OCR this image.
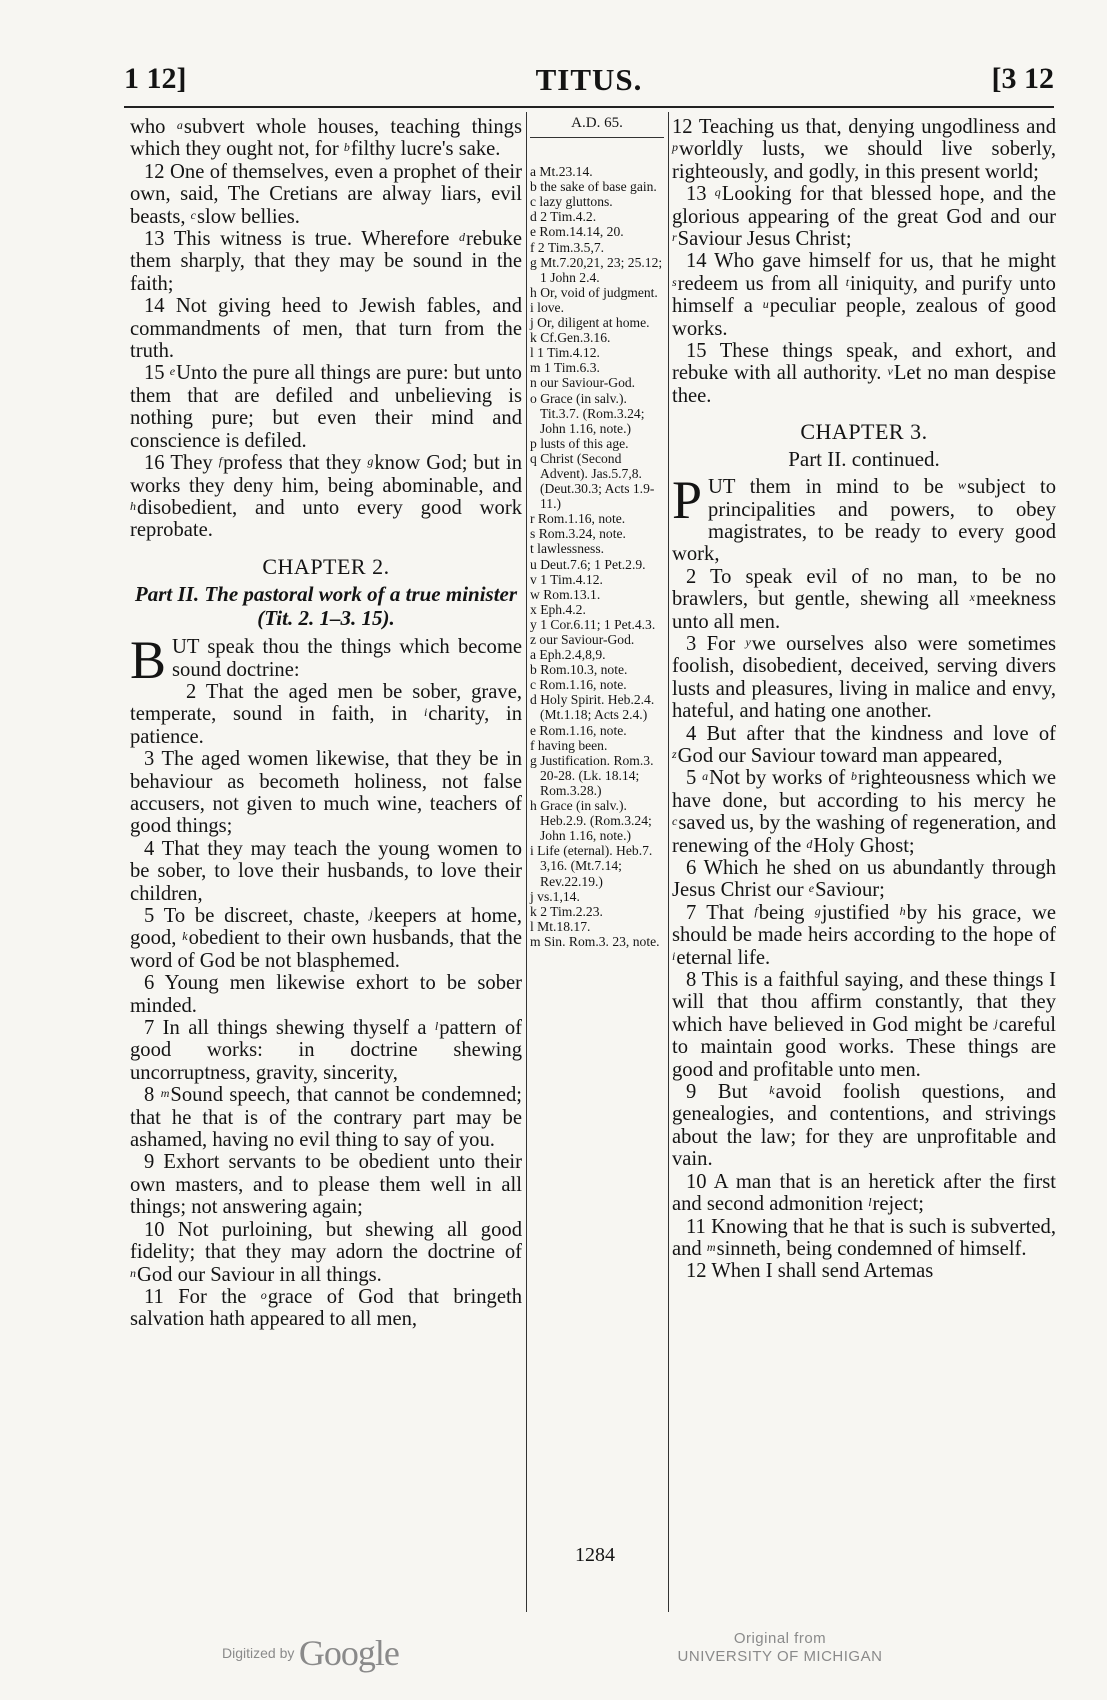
1 12]	TITUS.	[3 12

who $^a$subvert whole houses, teaching things which they ought not, for $^b$filthy lucre's sake.

12 One of themselves, even a prophet of their own, said, The Cretians are alway liars, evil beasts, $^c$slow bellies.

13 This witness is true. Wherefore $^d$rebuke them sharply, that they may be sound in the faith;

14 Not giving heed to Jewish fables, and commandments of men, that turn from the truth.

15 $^e$Unto the pure all things are pure: but unto them that are defiled and unbelieving is nothing pure; but even their mind and conscience is defiled.

16 They $^f$profess that they $^g$know God; but in works they deny him, being abominable, and $^h$disobedient, and unto every good work reprobate.

CHAPTER 2.
Part II. The pastoral work of a true minister (Tit. 2. 1–3. 15).

BUT speak thou the things which become sound doctrine:

2 That the aged men be sober, grave, temperate, sound in faith, in $^i$charity, in patience.

3 The aged women likewise, that they be in behaviour as becometh holiness, not false accusers, not given to much wine, teachers of good things;

4 That they may teach the young women to be sober, to love their husbands, to love their children,

5 To be discreet, chaste, $^j$keepers at home, good, $^k$obedient to their own husbands, that the word of God be not blasphemed.

6 Young men likewise exhort to be sober minded.

7 In all things shewing thyself a $^l$pattern of good works: in doctrine shewing uncorruptness, gravity, sincerity,

8 $^m$Sound speech, that cannot be condemned; that he that is of the contrary part may be ashamed, having no evil thing to say of you.

9 Exhort servants to be obedient unto their own masters, and to please them well in all things; not answering again;

10 Not purloining, but shewing all good fidelity; that they may adorn the doctrine of $^n$God our Saviour in all things.

11 For the $^o$grace of God that bringeth salvation hath appeared to all men,

A.D. 65.
a Mt.23.14.
b the sake of base gain.
c lazy gluttons.
d 2 Tim.4.2.
e Rom.14.14, 20.
f 2 Tim.3.5,7.
g Mt.7.20,21, 23; 25.12; 1 John 2.4.
h Or, void of judgment.
i love.
j Or, diligent at home.
k Cf.Gen.3.16.
l 1 Tim.4.12.
m 1 Tim.6.3.
n our Saviour-God.
o Grace (in salv.). Tit.3.7. (Rom.3.24; John 1.16, note.)
p lusts of this age.
q Christ (Second Advent). Jas.5.7,8. (Deut.30.3; Acts 1.9-11.)
r Rom.1.16, note.
s Rom.3.24, note.
t lawlessness.
u Deut.7.6; 1 Pet.2.9.
v 1 Tim.4.12.
w Rom.13.1.
x Eph.4.2.
y 1 Cor.6.11; 1 Pet.4.3.
z our Saviour-God.
a Eph.2.4,8,9.
b Rom.10.3, note.
c Rom.1.16, note.
d Holy Spirit. Heb.2.4. (Mt.1.18; Acts 2.4.)
e Rom.1.16, note.
f having been.
g Justification. Rom.3. 20-28. (Lk. 18.14; Rom.3.28.)
h Grace (in salv.). Heb.2.9. (Rom.3.24; John 1.16, note.)
i Life (eternal). Heb.7. 3,16. (Mt.7.14; Rev.22.19.)
j vs.1,14.
k 2 Tim.2.23.
l Mt.18.17.
m Sin. Rom.3. 23, note.

12 Teaching us that, denying ungodliness and $^p$worldly lusts, we should live soberly, righteously, and godly, in this present world;

13 $^q$Looking for that blessed hope, and the glorious appearing of the great God and our $^r$Saviour Jesus Christ;

14 Who gave himself for us, that he might $^s$redeem us from all $^t$iniquity, and purify unto himself a $^u$peculiar people, zealous of good works.

15 These things speak, and exhort, and rebuke with all authority. $^v$Let no man despise thee.

CHAPTER 3.
Part II. continued.

PUT them in mind to be $^w$subject to principalities and powers, to obey magistrates, to be ready to every good work,

2 To speak evil of no man, to be no brawlers, but gentle, shewing all $^x$meekness unto all men.

3 For $^y$we ourselves also were sometimes foolish, disobedient, deceived, serving divers lusts and pleasures, living in malice and envy, hateful, and hating one another.

4 But after that the kindness and love of $^z$God our Saviour toward man appeared,

5 $^a$Not by works of $^b$righteousness which we have done, but according to his mercy he $^c$saved us, by the washing of regeneration, and renewing of the $^d$Holy Ghost;

6 Which he shed on us abundantly through Jesus Christ our $^e$Saviour;

7 That $^f$being $^g$justified $^h$by his grace, we should be made heirs according to the hope of $^i$eternal life.

8 This is a faithful saying, and these things I will that thou affirm constantly, that they which have believed in God might be $^j$careful to maintain good works. These things are good and profitable unto men.

9 But $^k$avoid foolish questions, and genealogies, and contentions, and strivings about the law; for they are unprofitable and vain.

10 A man that is an heretick after the first and second admonition $^l$reject;

11 Knowing that he that is such is subverted, and $^m$sinneth, being condemned of himself.

12 When I shall send Artemas

1284
Digitized by Google	Original from
UNIVERSITY OF MICHIGAN
